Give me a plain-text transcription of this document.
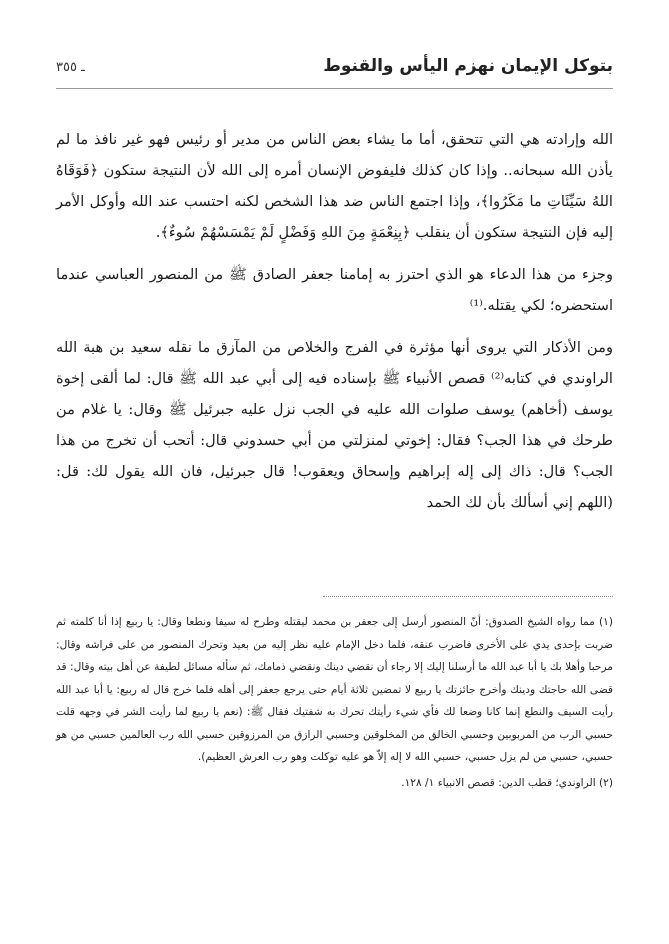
بتوكل الإيمان نهزم اليأس والقنوط
ـ ٣٥٥

الله وإرادته هي التي تتحقق، أما ما يشاء بعض الناس من مدير أو رئيس فهو غير نافذ ما لم يأذن الله سبحانه.. وإذا كان كذلك فليفوض الإنسان أمره إلى الله لأن النتيجة ستكون ﴿فَوَقَاهُ اللهُ سَيِّئَاتِ ما مَكَرُوا﴾، وإذا اجتمع الناس ضد هذا الشخص لكنه احتسب عند الله وأوكل الأمر إليه فإن النتيجة ستكون أن ينقلب ﴿بِنِعْمَةٍ مِنَ اللهِ وَفَضْلٍ لَمْ يَمْسَسْهُمْ سُوءٌ﴾.

وجزء من هذا الدعاء هو الذي احترز به إمامنا جعفر الصادق ﷺ من المنصور العباسي عندما استحضره؛ لكي يقتله.⁽¹⁾

ومن الأذكار التي يروى أنها مؤثرة في الفرج والخلاص من المآزق ما نقله سعيد بن هبة الله الراوندي في كتابه⁽²⁾ قصص الأنبياء ﷺ بإسناده فيه إلى أبي عبد الله ﷺ قال: لما ألقى إخوة يوسف (أخاهم) يوسف صلوات الله عليه في الجب نزل عليه جبرئيل ﷺ وقال: يا غلام من طرحك في هذا الجب؟ فقال: إخوتي لمنزلتي من أبي حسدوني قال: أتحب أن تخرج من هذا الجب؟ قال: ذاك إلى إله إبراهيم وإسحاق ويعقوب! قال جبرئيل، فان الله يقول لك: قل: (اللهم إني أسألك بأن لك الحمد

(١) مما رواه الشيخ الصدوق: أنّ المنصور أرسل إلى جعفر بن محمد ليقتله وطرح له سيفا ونطعا وقال: يا ربيع إذا أنا كلمته ثم ضربت بإحدى يدي على الأخرى فاضرب عنقه، فلما دخل الإمام عليه نظر إليه من بعيد وتحرك المنصور من على فراشه وقال: مرحبا وأهلا بك يا أبا عبد الله ما أرسلنا إليك إلا رجاء أن نقضي دينك ونقضي ذمامك، ثم سأله مسائل لطيفة عن أهل بيته وقال: قد قضى الله حاجتك ودينك وأخرج جائزتك يا ربيع لا تمضين ثلاثة أيام حتى يرجع جعفر إلى أهله فلما خرج قال له ربيع: يا أبا عبد الله رأيت السيف والنطع إنما كانا وضعا لك فأي شيء رأيتك تحرك به شفتيك فقال ﷺ: (نعم يا ربيع لما رأيت الشر في وجهه قلت حسبي الرب من المربوبين وحسبي الخالق من المخلوقين وحسبي الرازق من المرزوقين حسبي الله رب العالمين حسبي من هو حسبي، حسبي من لم يزل حسبي، حسبي الله لا إله إلاّ هو عليه توكلت وهو رب العرش العظيم).

(٢) الراوندي؛ قطب الدين: قصص الانبياء ١/ ١٢٨.
